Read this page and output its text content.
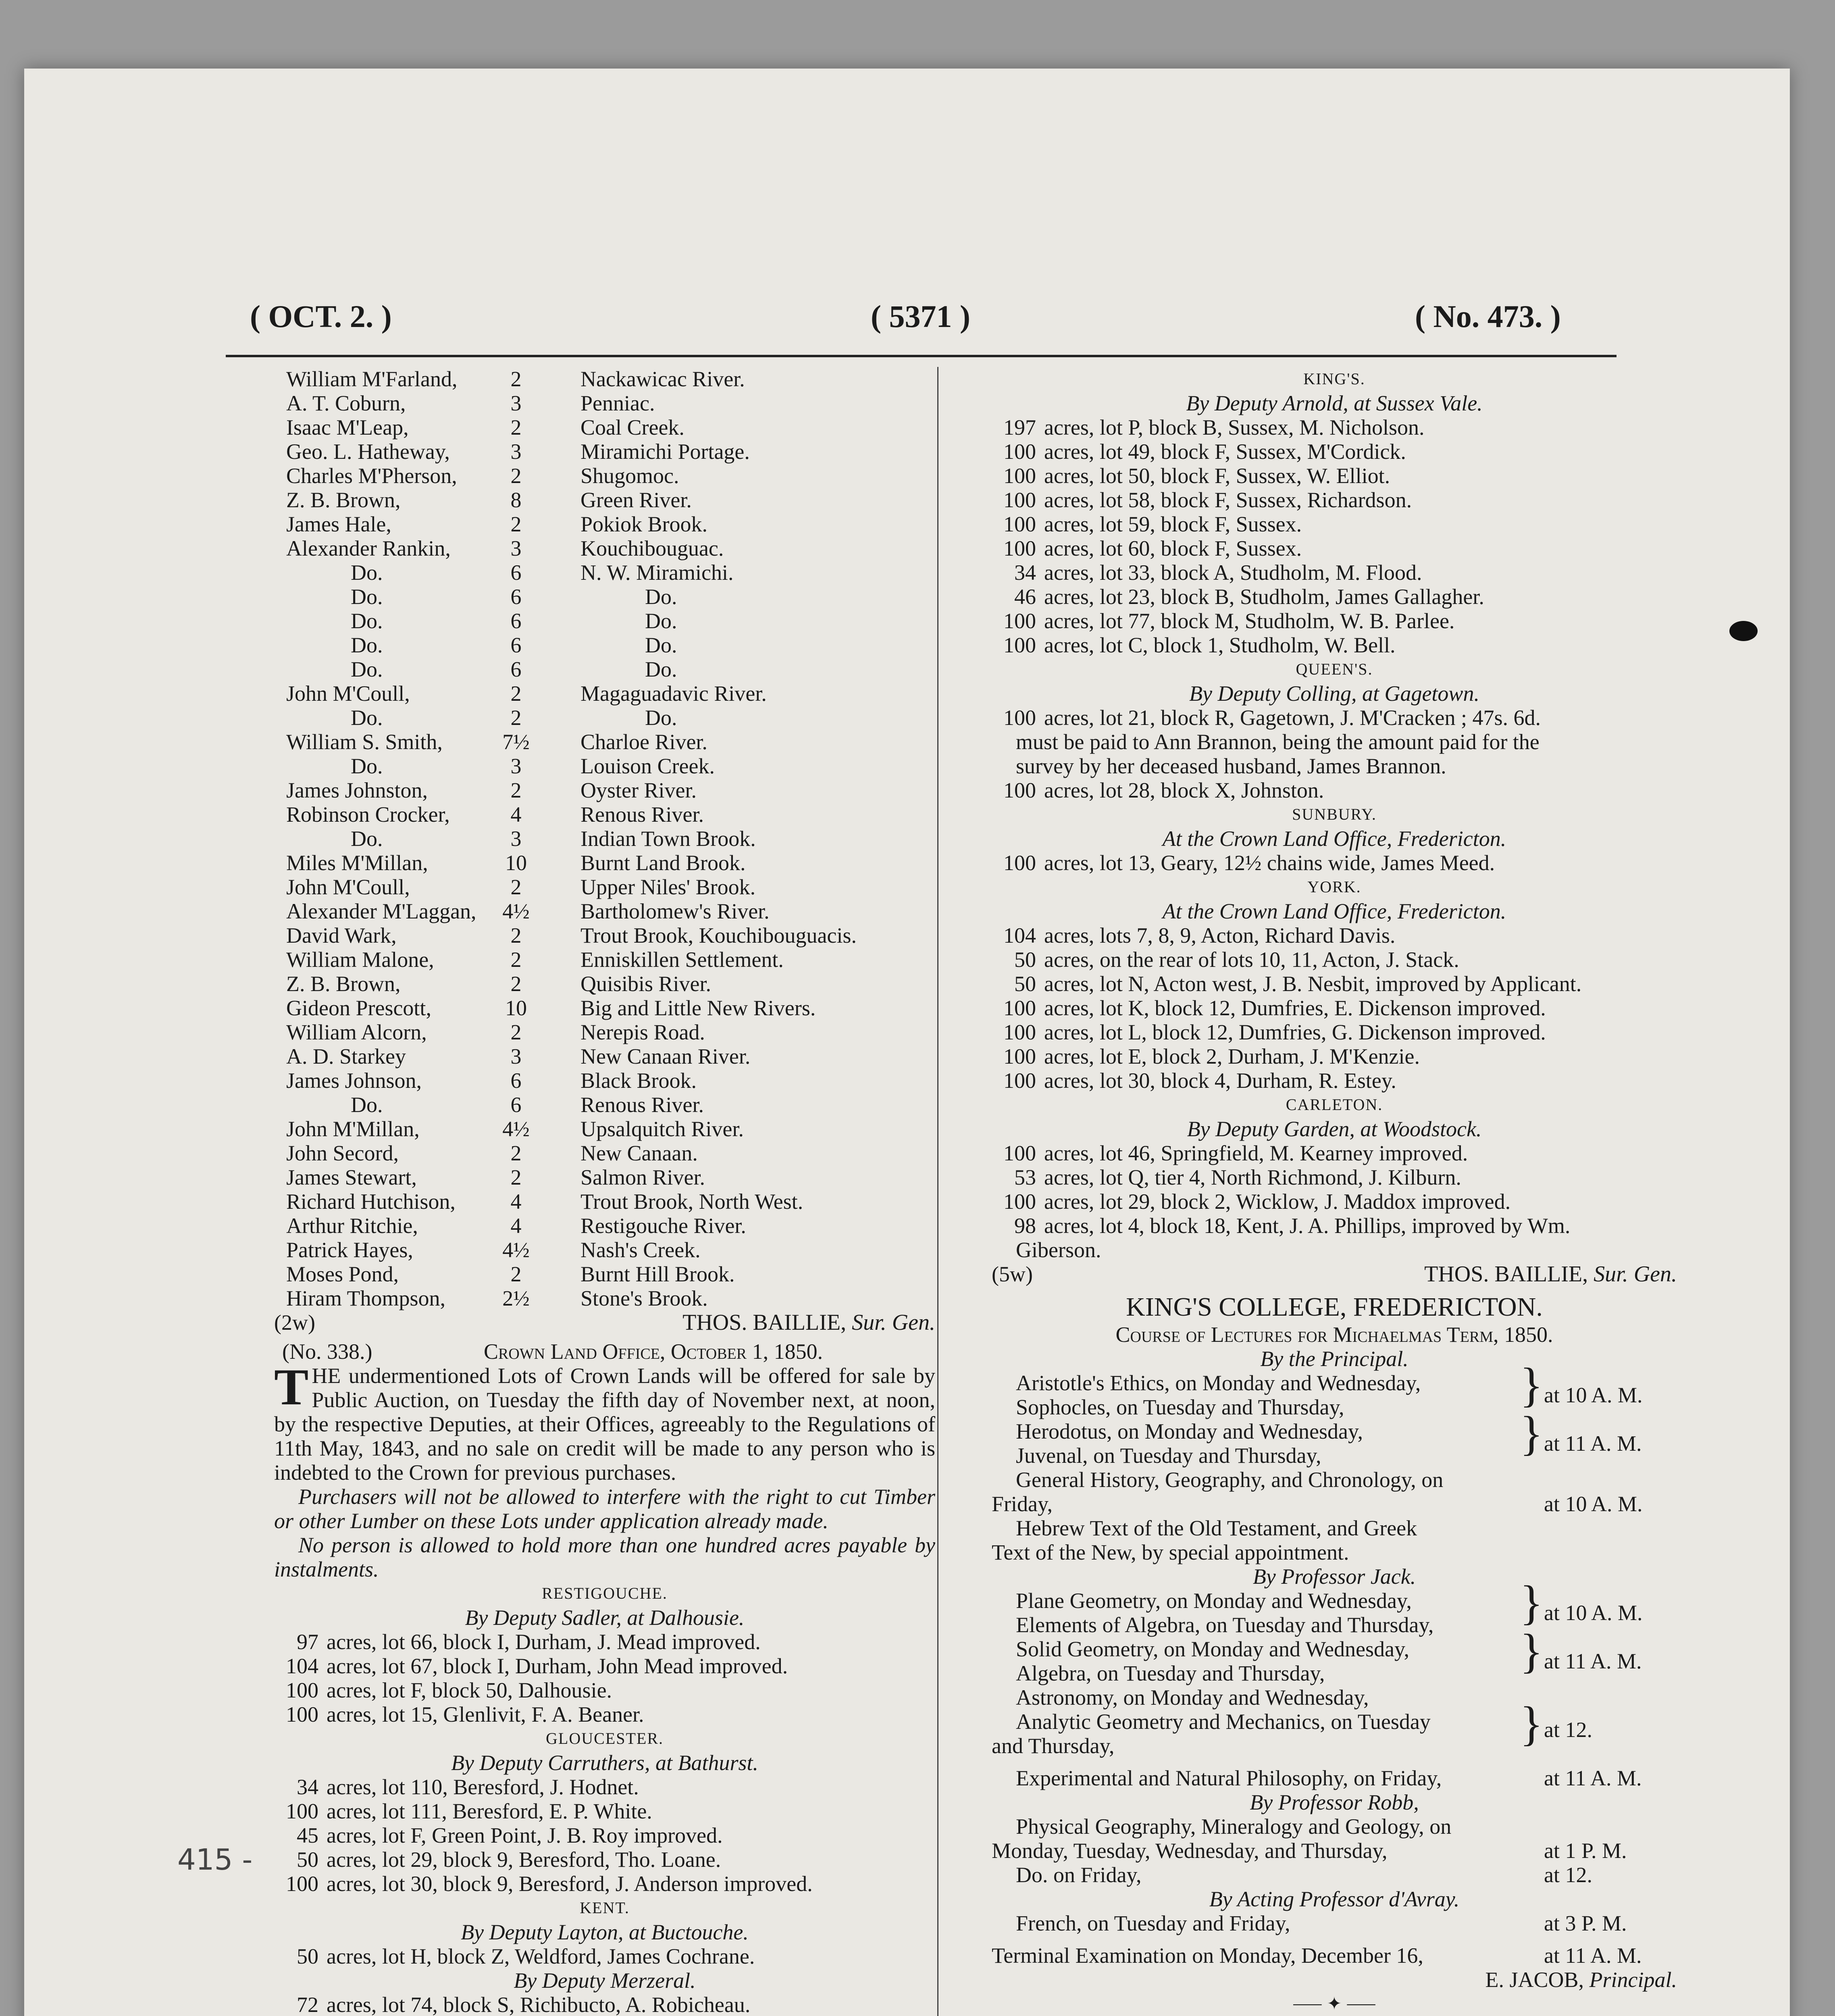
415 -
( OCT. 2. )	( 5371 )	( No. 473. )
William M'Farland,	2	Nackawicac River.
A. T. Coburn,	3	Penniac.
Isaac M'Leap,	2	Coal Creek.
Geo. L. Hatheway,	3	Miramichi Portage.
Charles M'Pherson,	2	Shugomoc.
Z. B. Brown,	8	Green River.
James Hale,	2	Pokiok Brook.
Alexander Rankin,	3	Kouchibouguac.
Do.	6	N. W. Miramichi.
Do.	6	Do.
Do.	6	Do.
Do.	6	Do.
Do.	6	Do.
John M'Coull,	2	Magaguadavic River.
Do.	2	Do.
William S. Smith,	7½ Charloe River.
Do.	3	Louison Creek.
James Johnston,	2	Oyster River.
Robinson Crocker,	4	Renous River.
Do.	3	Indian Town Brook.
Miles M'Millan,	10 Burnt Land Brook.
John M'Coull,	2	Upper Niles' Brook.
Alexander M'Laggan, 4½ Bartholomew's River.
David Wark,	2	Trout Brook, Kouchibouguacis.
William Malone,	2	Enniskillen Settlement.
Z. B. Brown,	2	Quisibis River.
Gideon Prescott,	10 Big and Little New Rivers.
William Alcorn,	2	Nerepis Road.
A. D. Starkey	3	New Canaan River.
James Johnson,	6	Black Brook.
Do.	6	Renous River.
John M'Millan,	4½ Upsalquitch River.
John Secord,	2	New Canaan.
James Stewart,	2	Salmon River.
Richard Hutchison,	4	Trout Brook, North West.
Arthur Ritchie,	4	Restigouche River.
Patrick Hayes,	4½ Nash's Creek.
Moses Pond,	2	Burnt Hill Brook.
Hiram Thompson,	2½ Stone's Brook.
(2w)	THOS. BAILLIE, Sur. Gen.
(No. 338.)	Crown Land Office, October 1, 1850.
THE undermentioned Lots of Crown Lands will be offered for sale by Public Auction, on Tuesday the fifth day of November next, at noon, by the respective Deputies, at their Offices, agreeably to the Regulations of 11th May, 1843, and no sale on credit will be made to any person who is indebted to the Crown for previous purchases.
Purchasers will not be allowed to interfere with the right to cut Timber or other Lumber on these Lots under application already made.
No person is allowed to hold more than one hundred acres payable by instalments.
RESTIGOUCHE.
By Deputy Sadler, at Dalhousie.
97 acres, lot 66, block I, Durham, J. Mead improved.
104 acres, lot 67, block I, Durham, John Mead improved.
100 acres, lot F, block 50, Dalhousie.
100 acres, lot 15, Glenlivit, F. A. Beaner.
GLOUCESTER.
By Deputy Carruthers, at Bathurst.
34 acres, lot 110, Beresford, J. Hodnet.
100 acres, lot 111, Beresford, E. P. White.
45 acres, lot F, Green Point, J. B. Roy improved.
50 acres, lot 29, block 9, Beresford, Tho. Loane.
100 acres, lot 30, block 9, Beresford, J. Anderson improved.
KENT.
By Deputy Layton, at Buctouche.
50 acres, lot H, block Z, Weldford, James Cochrane.
By Deputy Merzeral.
72 acres, lot 74, block S, Richibucto, A. Robicheau.
KING'S.
By Deputy Arnold, at Sussex Vale.
197 acres, lot P, block B, Sussex, M. Nicholson.
100 acres, lot 49, block F, Sussex, M'Cordick.
100 acres, lot 50, block F, Sussex, W. Elliot.
100 acres, lot 58, block F, Sussex, Richardson.
100 acres, lot 59, block F, Sussex.
100 acres, lot 60, block F, Sussex.
34 acres, lot 33, block A, Studholm, M. Flood.
46 acres, lot 23, block B, Studholm, James Gallagher.
100 acres, lot 77, block M, Studholm, W. B. Parlee.
100 acres, lot C, block 1, Studholm, W. Bell.
QUEEN'S.
By Deputy Colling, at Gagetown.
100 acres, lot 21, block R, Gagetown, J. M'Cracken ; 47s. 6d.
must be paid to Ann Brannon, being the amount paid for the
survey by her deceased husband, James Brannon.
100 acres, lot 28, block X, Johnston.
SUNBURY.
At the Crown Land Office, Fredericton.
100 acres, lot 13, Geary, 12½ chains wide, James Meed.
YORK.
At the Crown Land Office, Fredericton.
104 acres, lots 7, 8, 9, Acton, Richard Davis.
50 acres, on the rear of lots 10, 11, Acton, J. Stack.
50 acres, lot N, Acton west, J. B. Nesbit, improved by Applicant.
100 acres, lot K, block 12, Dumfries, E. Dickenson improved.
100 acres, lot L, block 12, Dumfries, G. Dickenson improved.
100 acres, lot E, block 2, Durham, J. M'Kenzie.
100 acres, lot 30, block 4, Durham, R. Estey.
CARLETON.
By Deputy Garden, at Woodstock.
100 acres, lot 46, Springfield, M. Kearney improved.
53 acres, lot Q, tier 4, North Richmond, J. Kilburn.
100 acres, lot 29, block 2, Wicklow, J. Maddox improved.
98 acres, lot 4, block 18, Kent, J. A. Phillips, improved by Wm.
Giberson.
(5w)	THOS. BAILLIE, Sur. Gen.
KING'S COLLEGE, FREDERICTON.
Course of Lectures for Michaelmas Term, 1850.
By the Principal.
Aristotle's Ethics, on Monday and Wednesday,
Sophocles, on Tuesday and Thursday,	} at 10 A. M.
Herodotus, on Monday and Wednesday,
Juvenal, on Tuesday and Thursday,	} at 11 A. M.
General History, Geography, and Chronology, on
Friday,	at 10 A. M.
Hebrew Text of the Old Testament, and Greek
Text of the New, by special appointment.
By Professor Jack.
Plane Geometry, on Monday and Wednesday,
Elements of Algebra, on Tuesday and Thursday, } at 10 A. M.
Solid Geometry, on Monday and Wednesday,
Algebra, on Tuesday and Thursday,	} at 11 A. M.
Astronomy, on Monday and Wednesday,
Analytic Geometry and Mechanics, on Tuesday } at 12.
and Thursday,
Experimental and Natural Philosophy, on Friday,	at 11 A. M.
By Professor Robb,
Physical Geography, Mineralogy and Geology, on
Monday, Tuesday, Wednesday, and Thursday,	at 1 P. M.
Do. on Friday,	at 12.
By Acting Professor d'Avray.
French, on Tuesday and Friday,	at 3 P. M.
Terminal Examination on Monday, December 16,	at 11 A. M.
E. JACOB, Principal.
⸺ ✦ ⸺
